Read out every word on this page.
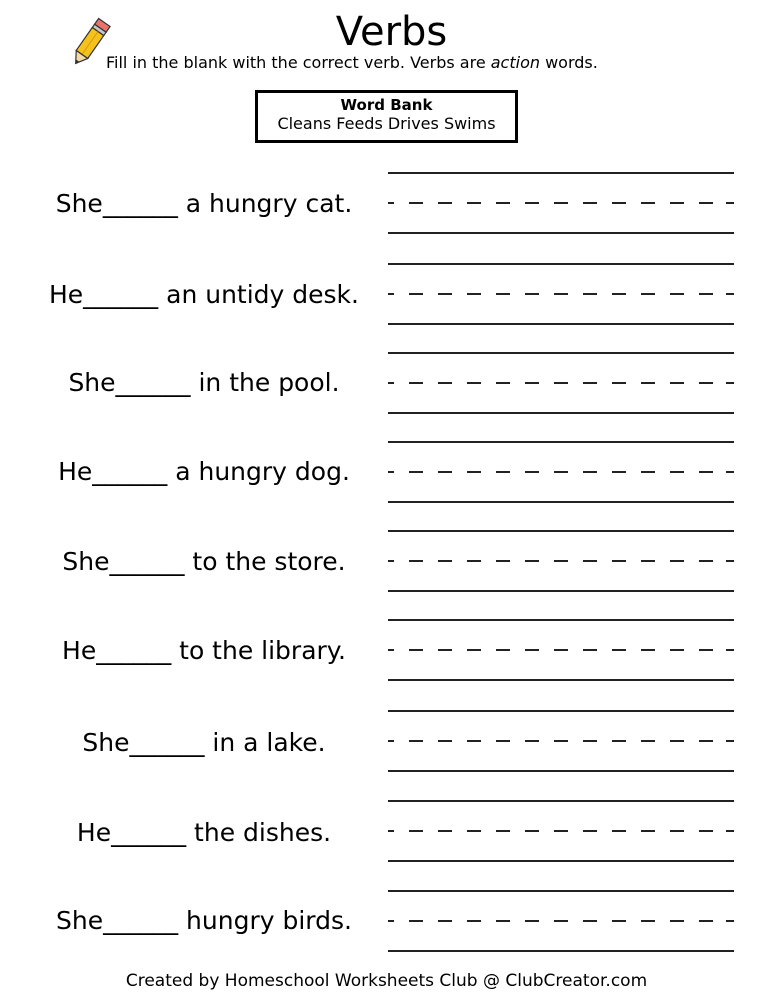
Verbs
Fill in the blank with the correct verb. Verbs are action words.
Word Bank
Cleans Feeds Drives Swims
She______ a hungry cat.
He______ an untidy desk.
She______ in the pool.
He______ a hungry dog.
She______ to the store.
He______ to the library.
She______ in a lake.
He______ the dishes.
She______ hungry birds.
Created by Homeschool Worksheets Club @ ClubCreator.com
